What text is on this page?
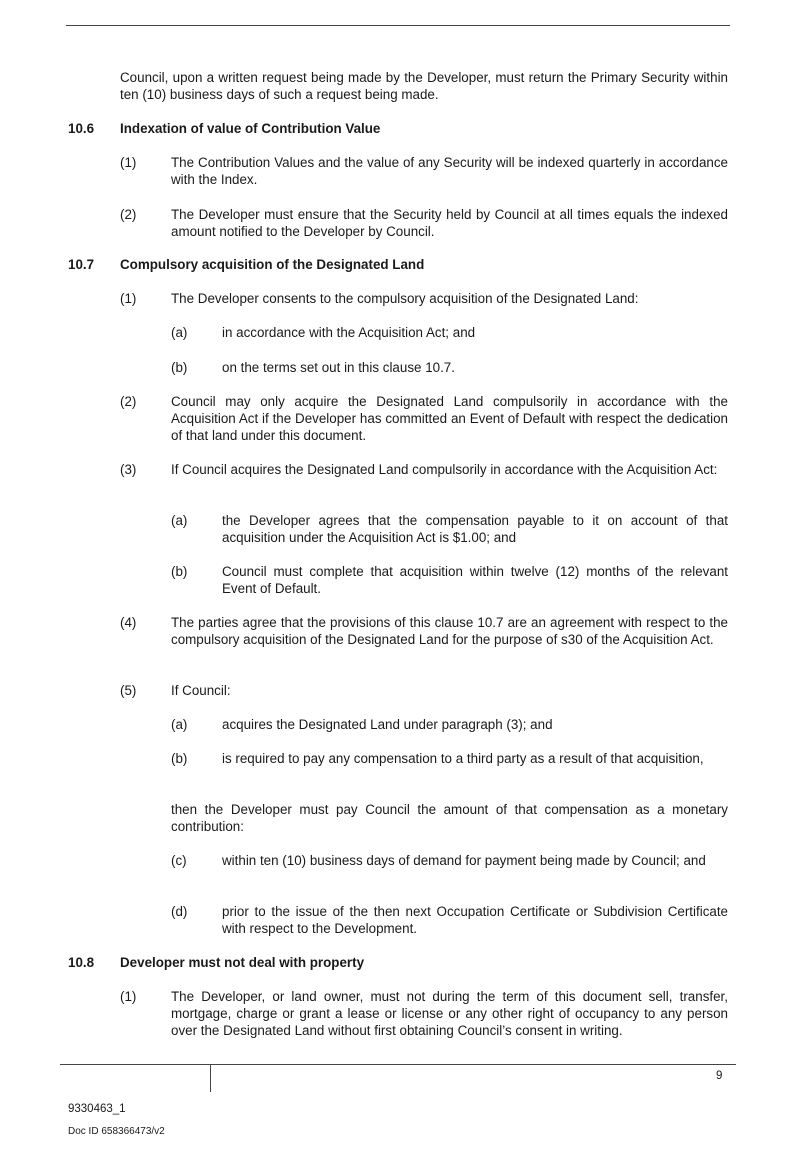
Council, upon a written request being made by the Developer, must return the Primary Security within ten (10) business days of such a request being made.
10.6 Indexation of value of Contribution Value
(1)	The Contribution Values and the value of any Security will be indexed quarterly in accordance with the Index.
(2)	The Developer must ensure that the Security held by Council at all times equals the indexed amount notified to the Developer by Council.
10.7 Compulsory acquisition of the Designated Land
(1)	The Developer consents to the compulsory acquisition of the Designated Land:
(a)	in accordance with the Acquisition Act; and
(b)	on the terms set out in this clause 10.7.
(2)	Council may only acquire the Designated Land compulsorily in accordance with the Acquisition Act if the Developer has committed an Event of Default with respect the dedication of that land under this document.
(3)	If Council acquires the Designated Land compulsorily in accordance with the Acquisition Act:
(a)	the Developer agrees that the compensation payable to it on account of that acquisition under the Acquisition Act is $1.00; and
(b)	Council must complete that acquisition within twelve (12) months of the relevant Event of Default.
(4)	The parties agree that the provisions of this clause 10.7 are an agreement with respect to the compulsory acquisition of the Designated Land for the purpose of s30 of the Acquisition Act.
(5)	If Council:
(a)	acquires the Designated Land under paragraph (3); and
(b)	is required to pay any compensation to a third party as a result of that acquisition,
then the Developer must pay Council the amount of that compensation as a monetary contribution:
(c)	within ten (10) business days of demand for payment being made by Council; and
(d)	prior to the issue of the then next Occupation Certificate or Subdivision Certificate with respect to the Development.
10.8 Developer must not deal with property
(1)	The Developer, or land owner, must not during the term of this document sell, transfer, mortgage, charge or grant a lease or license or any other right of occupancy to any person over the Designated Land without first obtaining Council’s consent in writing.
9
9330463_1
Doc ID 658366473/v2
